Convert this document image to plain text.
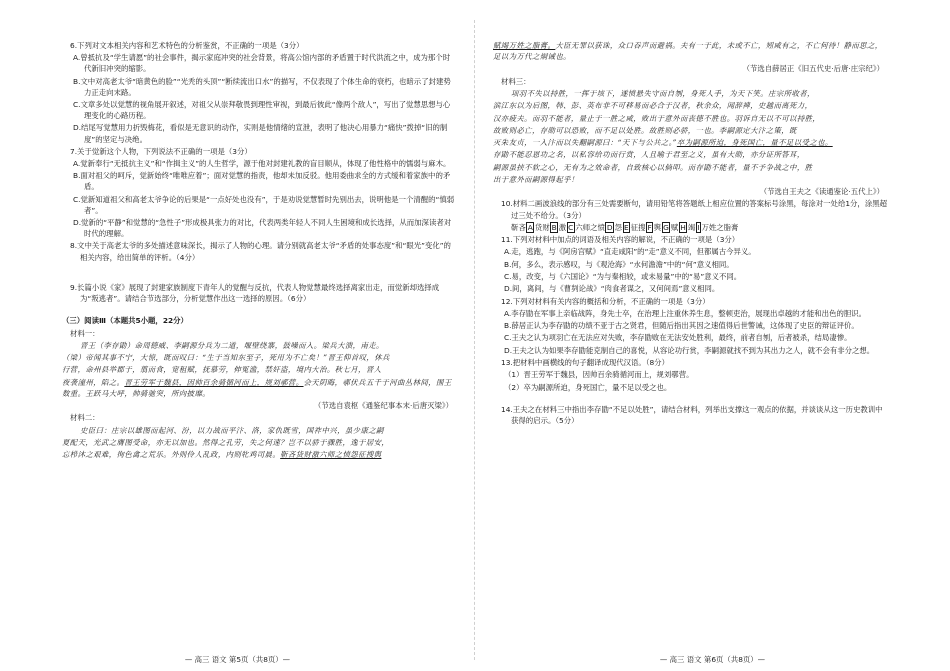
6.下列对文本相关内容和艺术特色的分析鉴赏，不正确的一项是（3分）

A.曾抵抗及“学生请愿”的社会事件，揭示家庭冲突的社会背景，将高公馆内部的矛盾置于时代洪流之中，成为那个时代新旧冲突的缩影。

B.文中对高老太爷“暗黄色的脸”“光秃的头顶”“断续流出口水”的描写，不仅表现了个体生命的衰朽，也暗示了封建势力正走向末路。

C.文章多处以觉慧的视角展开叙述，对祖父从崇拜敬畏到理性审视，到最后彼此“像两个敌人”，写出了觉慧思想与心理变化的心路历程。

D.结尾写觉慧用力折毁梅花，看似是无意识的动作，实则是他情绪的宣泄，表明了他决心用暴力“痛快”拨掉“旧的制度”的坚定与决绝。

7.关于觉新这个人物，下列说法不正确的一项是（3分）

A.觉新奉行“无抵抗主义”和“作揖主义”的人生哲学，源于他对封建礼教的盲目顺从，体现了他性格中的懦弱与麻木。

B.面对祖父的呵斥，觉新始终“唯唯应着”；面对觉慧的指责，他却未加反驳。他用委曲求全的方式缓和着家族中的矛盾。

C.觉新知道祖父和高老太爷争论的后果是“一点好处也没有”，于是劝说觉慧暂时先别出去，说明他是一个清醒的“慎弱者”。

D.觉新的“平静”和觉慧的“急性子”形成极具张力的对比，代表两类年轻人不同人生困境和成长选择，从而加深读者对时代的理解。

8.文中关于高老太爷的多处描述意味深长，揭示了人物的心理。请分别就高老太爷“矛盾的处事态度”和“眼光”变化”的相关内容，给出简单的评析。（4分）

9.长篇小说《家》展现了封建家族制度下青年人的觉醒与反抗，代表人物觉慧最终选择离家出走，而觉新却选择成为“叛逃者”。请结合节选部分，分析觉慧作出这一选择的原因。（6分）

（三）阅读Ⅲ（本题共5小题，22分）

材料一：

晋王（李存勖）命周德威、李嗣源分兵为二道，堰壁绕寨，鼓噪而入。梁兵大溃，南走。

（梁）帝闻其事不宁，大惊，既而叹曰：“生于当知东至子，死用为不亡矣！”晋王仰首叹，休兵

行营，命州县举郡于，翦而食，宽租赋，抚慕劳，伸冤滥，禁奸盗，境内大治。秋七月，晋人

夜袭潼州，陷之。晋王劳军于魏县，因帅百余骑循河而上，规刘鄩营。会天阴晦，鄩伏兵五千于河曲丛林间，围王数重。王跃马大呼，帅骑驰突，所向披靡。

（节选自袁枢《通鉴纪事本末·后唐灭梁》）

材料二：

史臣曰：庄宗以雄图而起河、汾，以力战而平汴、洛，家仇既雪，国祚中兴，虽少康之嗣

夏配天，光武之膺图受命，亦无以加也。然得之孔劳，失之何速？岂不以骄于骤胜，逸于居安，

忘栉沐之艰难，徇色禽之荒乐。外则伶人乱政，内则牝鸡司晨。靳吝货财激六师之愤怨征搜舆

— 高三 语文 第5页（共8页）—

赋竭万姓之脂膏。大臣无罪以获诛，众口吞声而避祸。夫有一于此，未或不亡，矧咸有之，不亡何待！静而思之，足以为万代之炯诫也。

（节选自薛居正《旧五代史·后唐·庄宗纪》）

材料三：

项羽不失以持胜，一挥于垓下，遂愤悬失守而自刎，身死人手，为天下笑。庄宗所收者，

滨江东以为后图，韩、彭、英布非不可移易而必合于汉者，秋余众，闻辞裨，史越而离死力，

汉亦疲夫。而羽不能者，量止于一胜之咸，败出于意外而丧德不胜也。羽诉自无以不可以持胜，

故败则必亡，存勋可以恐败，而不足以处胜。故胜则必骄，一也。李嗣源定大汴之策，既

灭朱友贞，一入汴而以失翻嗣源曰：“天下与公共之。”卒为嗣源所迫，身死国亡，量不足以受之也。

存勖不能忍恩功之名，以私容给功而行赏，人且喻于君至之义，虽有大勋，亦分证所答耳，

嗣源虽挟不软之心，无有为之效命者，自致核心以倘叩。而存勖不能者，量不予争战之中，胜

出于意外而嗣源得起乎！

（节选自王夫之《读通鉴论·五代上》）

10.材料二画波浪线的部分有三处需要断句，请用铅笔将答题纸上相应位置的答案标号涂黑，每涂对一处给1分，涂黑超过三处不给分。（3分）

靳吝 A 货财 B 激 C 六师之愤 D 怨 E 征搜 F 舆 G 赋 H 竭 I 万姓之脂膏

11.下列对材料中加点的词语及相关内容的解说，不正确的一项是（3分）

A.走，逃跑，与《阿房宫赋》“直走咸阳”的“走”意义不同，但都属古今异义。

B.何，多么，表示感叹，与《观沧海》“水何澹澹”中的“何”意义相同。

C.易，改变，与《六国论》“为与秦相较，或未易量”中的“易”意义不同。

D.间，离间，与《曹刿论战》“肉食者谋之，又何间焉”意义相同。

12.下列对材料有关内容的概括和分析，不正确的一项是（3分）

A.李存勖在军事上亲临战阵，身先士卒，在治理上注重休养生息，整顿吏治，展现出卓越的才能和出色的胆识。

B.薛居正认为李存勖的功绩不亚于古之贤君，但随后指出其因之速值得后世警诫，这体现了史臣的辩证评价。

C.王夫之认为项羽亡在无法应对失败，李存勖败在无法安处胜利，最终，前者自刎，后者被杀，结局凄惨。

D.王夫之认为如果李存勖能克制自己的喜悦，从容论功行赏，李嗣源就找不到为其出力之人，就不会有非分之想。

13.把材料中画横线的句子翻译成现代汉语。（8分）

（1）晋王劳军于魏县，因帅百余骑循河而上，规刘鄩营。

（2）卒为嗣源所迫，身死国亡，量不足以受之也。

14.王夫之在材料三中指出李存勖“不足以处胜”，请结合材料，列举出支撑这一观点的依据，并谈谈从这一历史教训中获得的启示。（5分）

— 高三 语文 第6页（共8页）—
